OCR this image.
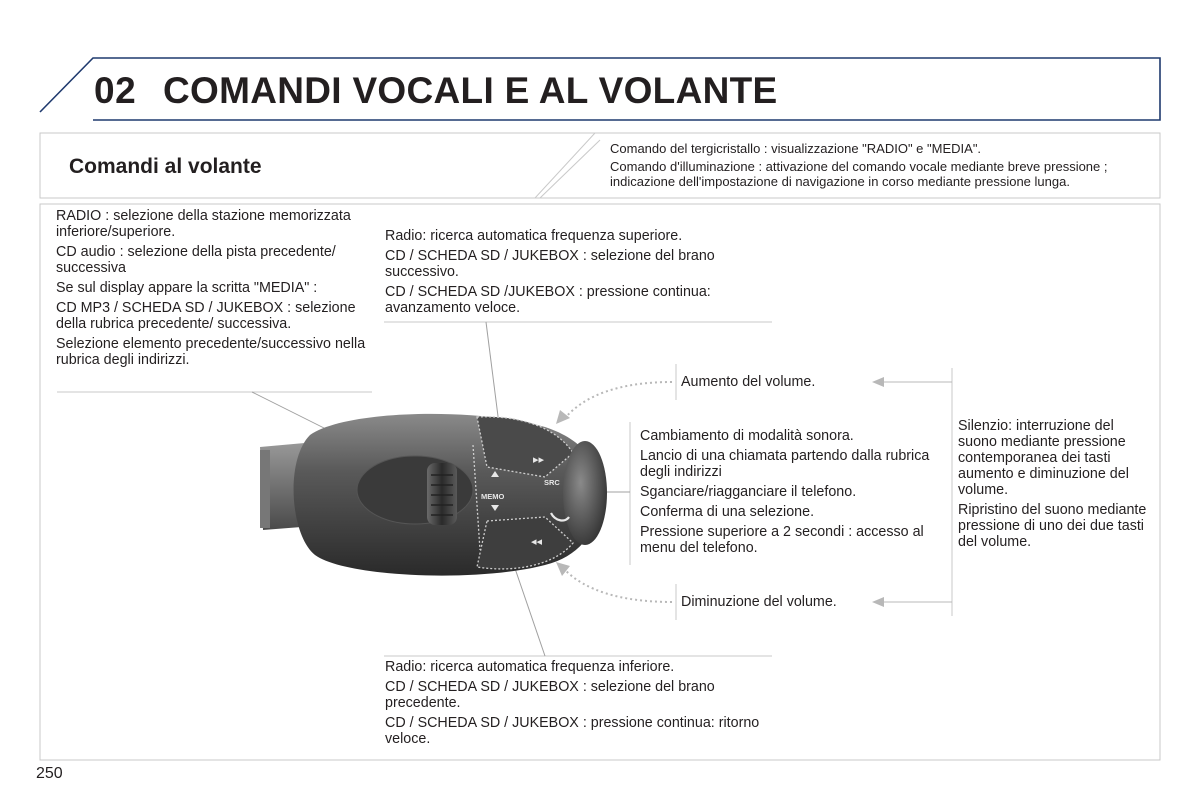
▸▸
◂◂
MEMO
SRC
02 COMANDI VOCALI E AL VOLANTE
Comandi al volante

Comando del tergicristallo : visualizzazione "RADIO" e "MEDIA".

Comando d'illuminazione : attivazione del comando vocale mediante breve pressione ; indicazione dell'impostazione di navigazione in corso mediante pressione lunga.

RADIO : selezione della stazione memorizzata inferiore/superiore.

CD audio : selezione della pista precedente/ successiva

Se sul display appare la scritta "MEDIA" :

CD MP3 / SCHEDA SD / JUKEBOX : selezione della rubrica precedente/ successiva.

Selezione elemento precedente/successivo nella rubrica degli indirizzi.

Radio: ricerca automatica frequenza superiore.

CD / SCHEDA SD / JUKEBOX : selezione del brano successivo.

CD / SCHEDA SD /JUKEBOX : pressione continua: avanzamento veloce.

Aumento del volume.
Diminuzione del volume.

Cambiamento di modalità sonora.

Lancio di una chiamata partendo dalla rubrica degli indirizzi

Sganciare/riagganciare il telefono.

Conferma di una selezione.

Pressione superiore a 2 secondi : accesso al menu del telefono.

Silenzio: interruzione del suono mediante pressione contemporanea dei tasti aumento e diminuzione del volume.

Ripristino del suono mediante pressione di uno dei due tasti del volume.

Radio: ricerca automatica frequenza inferiore.

CD / SCHEDA SD / JUKEBOX : selezione del brano precedente.

CD / SCHEDA SD / JUKEBOX : pressione continua: ritorno veloce.

250
